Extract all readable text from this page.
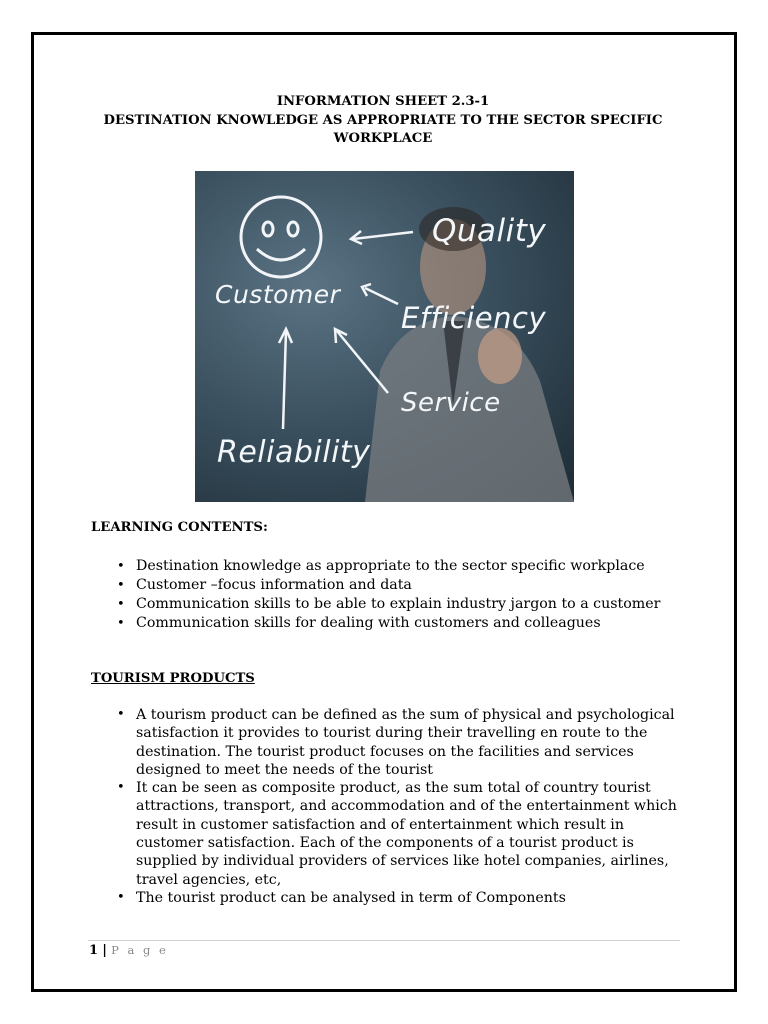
INFORMATION SHEET 2.3-1
DESTINATION KNOWLEDGE AS APPROPRIATE TO THE SECTOR SPECIFIC
WORKPLACE
Quality
Customer
Efficiency
Service
Reliability
LEARNING CONTENTS:
• Destination knowledge as appropriate to the sector specific workplace
• Customer –focus information and data
• Communication skills to be able to explain industry jargon to a customer
• Communication skills for dealing with customers and colleagues
TOURISM PRODUCTS
• A tourism product can be defined as the sum of physical and psychological satisfaction it provides to tourist during their travelling en route to the destination. The tourist product focuses on the facilities and services designed to meet the needs of the tourist
• It can be seen as composite product, as the sum total of country tourist attractions, transport, and accommodation and of the entertainment which result in customer satisfaction and of entertainment which result in customer satisfaction. Each of the components of a tourist product is supplied by individual providers of services like hotel companies, airlines, travel agencies, etc,
• The tourist product can be analysed in term of Components
1 | P a g e
